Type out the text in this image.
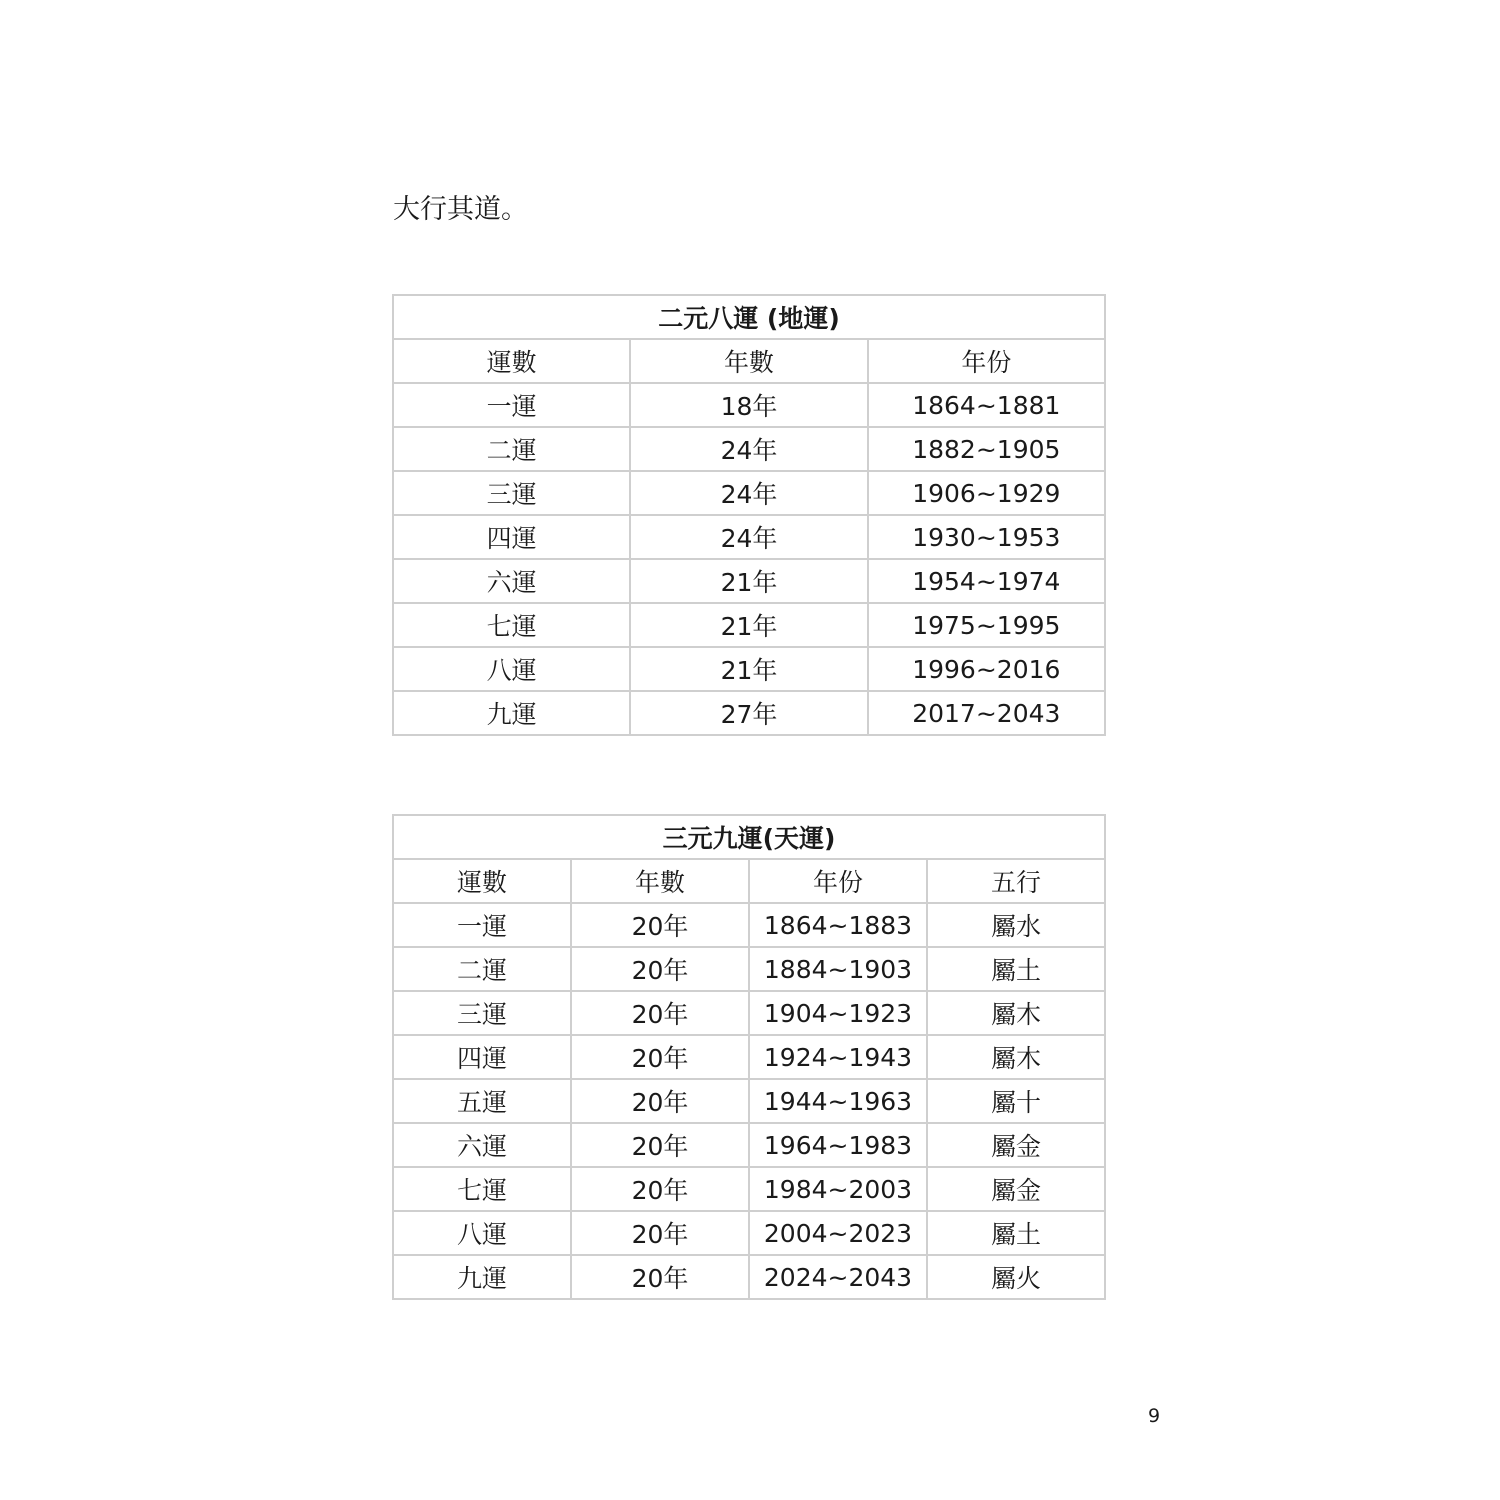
大行其道。

二元八運 (地運)		
運數	年數	年份
一運	18年	1864~1881
二運	24年	1882~1905
三運	24年	1906~1929
四運	24年	1930~1953
六運	21年	1954~1974
七運	21年	1975~1995
八運	21年	1996~2016
九運	27年	2017~2043
三元九運(天運)			
運數	年數	年份	五行
一運	20年	1864~1883	屬水
二運	20年	1884~1903	屬土
三運	20年	1904~1923	屬木
四運	20年	1924~1943	屬木
五運	20年	1944~1963	屬十
六運	20年	1964~1983	屬金
七運	20年	1984~2003	屬金
八運	20年	2004~2023	屬土
九運	20年	2024~2043	屬火

9
